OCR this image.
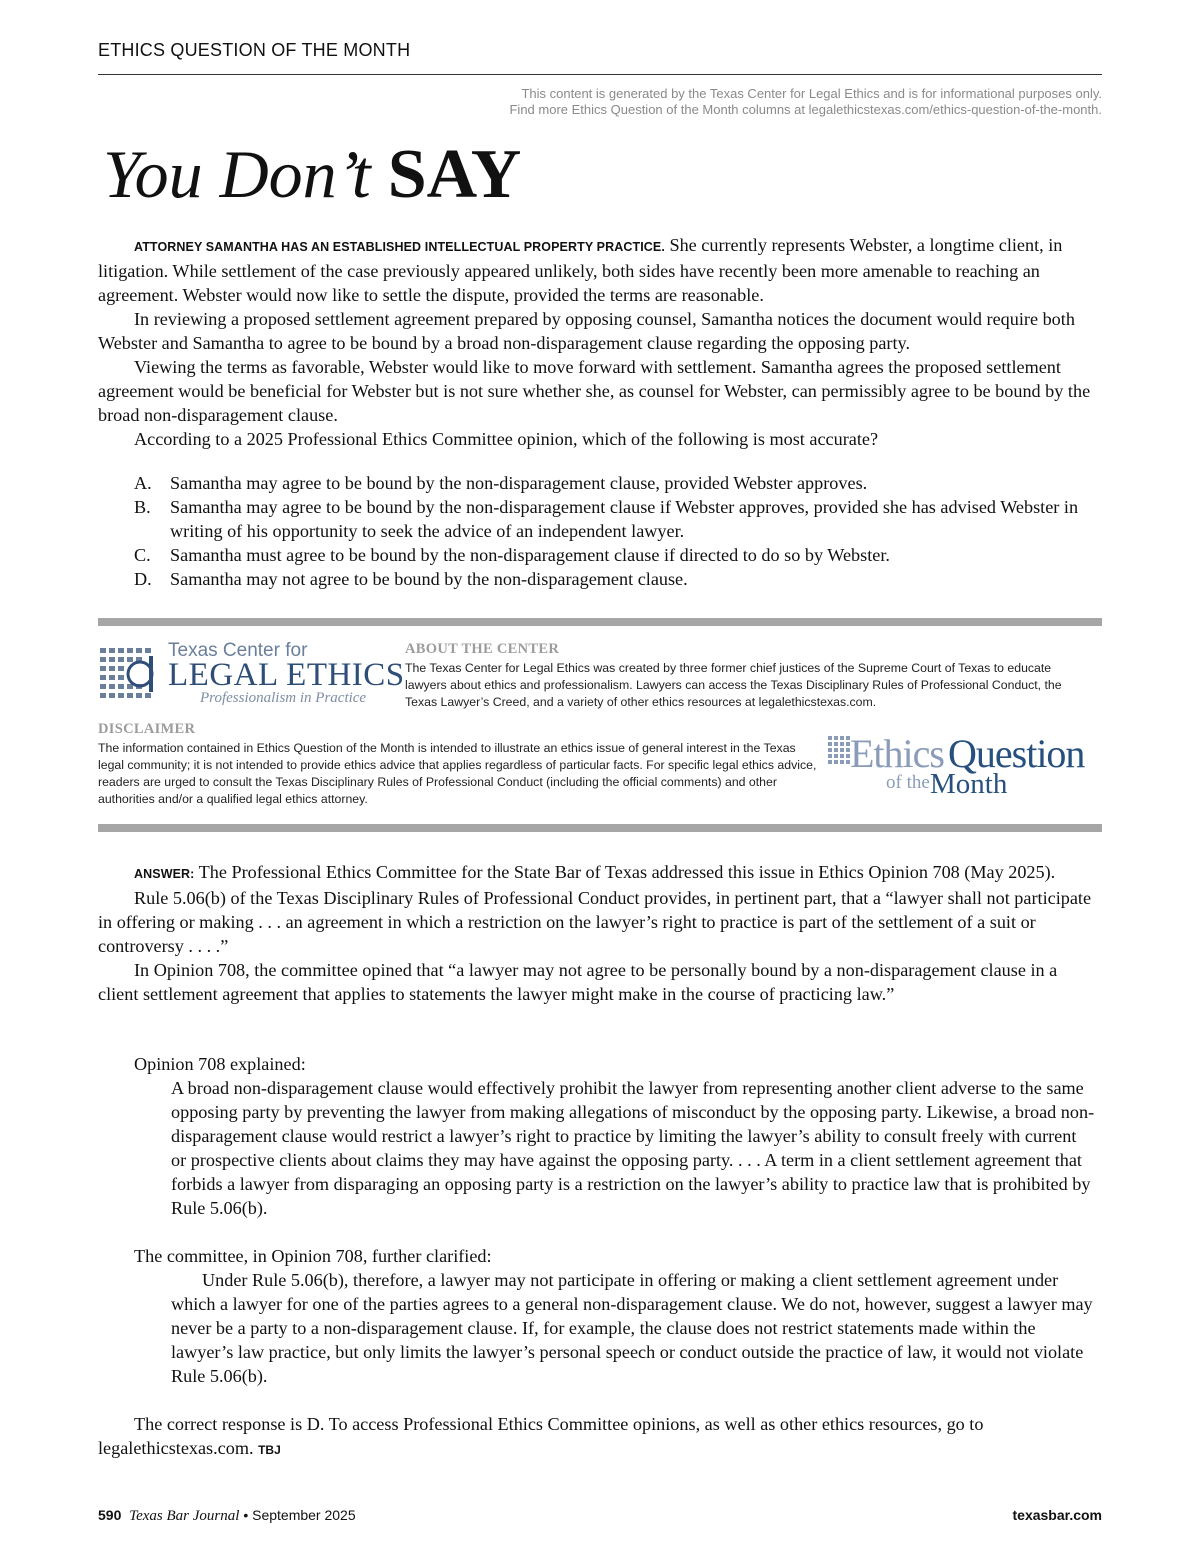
ETHICS QUESTION OF THE MONTH
This content is generated by the Texas Center for Legal Ethics and is for informational purposes only.
Find more Ethics Question of the Month columns at legalethicstexas.com/ethics-question-of-the-month.
You Don’t SAY

ATTORNEY SAMANTHA HAS AN ESTABLISHED INTELLECTUAL PROPERTY PRACTICE. She currently represents Webster, a longtime client, in litigation. While settlement of the case previously appeared unlikely, both sides have recently been more amenable to reaching an agreement. Webster would now like to settle the dispute, provided the terms are reasonable.

In reviewing a proposed settlement agreement prepared by opposing counsel, Samantha notices the document would require both Webster and Samantha to agree to be bound by a broad non-disparagement clause regarding the opposing party.

Viewing the terms as favorable, Webster would like to move forward with settlement. Samantha agrees the proposed settlement agreement would be beneficial for Webster but is not sure whether she, as counsel for Webster, can permissibly agree to be bound by the broad non-disparagement clause.

According to a 2025 Professional Ethics Committee opinion, which of the following is most accurate?

A. Samantha may agree to be bound by the non-disparagement clause, provided Webster approves.
B. Samantha may agree to be bound by the non-disparagement clause if Webster approves, provided she has advised Webster in writing of his opportunity to seek the advice of an independent lawyer.
C. Samantha must agree to be bound by the non-disparagement clause if directed to do so by Webster.
D. Samantha may not agree to be bound by the non-disparagement clause.
Texas Center for
LEGAL ETHICS
Professionalism in Practice
ABOUT THE CENTER
The Texas Center for Legal Ethics was created by three former chief justices of the Supreme Court of Texas to educate lawyers about ethics and professionalism. Lawyers can access the Texas Disciplinary Rules of Professional Conduct, the Texas Lawyer’s Creed, and a variety of other ethics resources at legalethicstexas.com.
DISCLAIMER
The information contained in Ethics Question of the Month is intended to illustrate an ethics issue of general interest in the Texas legal community; it is not intended to provide ethics advice that applies regardless of particular facts. For specific legal ethics advice, readers are urged to consult the Texas Disciplinary Rules of Professional Conduct (including the official comments) and other authorities and/or a qualified legal ethics attorney.
Ethics Question
of the Month

ANSWER: The Professional Ethics Committee for the State Bar of Texas addressed this issue in Ethics Opinion 708 (May 2025).

Rule 5.06(b) of the Texas Disciplinary Rules of Professional Conduct provides, in pertinent part, that a “lawyer shall not participate in offering or making . . . an agreement in which a restriction on the lawyer’s right to practice is part of the settlement of a suit or controversy . . . .”

In Opinion 708, the committee opined that “a lawyer may not agree to be personally bound by a non-disparagement clause in a client settlement agreement that applies to statements the lawyer might make in the course of practicing law.”

Opinion 708 explained:

A broad non-disparagement clause would effectively prohibit the lawyer from representing another client adverse to the same opposing party by preventing the lawyer from making allegations of misconduct by the opposing party. Likewise, a broad non-disparagement clause would restrict a lawyer’s right to practice by limiting the lawyer’s ability to consult freely with current or prospective clients about claims they may have against the opposing party. . . . A term in a client settlement agreement that forbids a lawyer from disparaging an opposing party is a restriction on the lawyer’s ability to practice law that is prohibited by Rule 5.06(b).

The committee, in Opinion 708, further clarified:

Under Rule 5.06(b), therefore, a lawyer may not participate in offering or making a client settlement agreement under which a lawyer for one of the parties agrees to a general non-disparagement clause. We do not, however, suggest a lawyer may never be a party to a non-disparagement clause. If, for example, the clause does not restrict statements made within the lawyer’s law practice, but only limits the lawyer’s personal speech or conduct outside the practice of law, it would not violate Rule 5.06(b).

The correct response is D. To access Professional Ethics Committee opinions, as well as other ethics resources, go to legalethicstexas.com. TBJ

590 Texas Bar Journal • September 2025	texasbar.com
